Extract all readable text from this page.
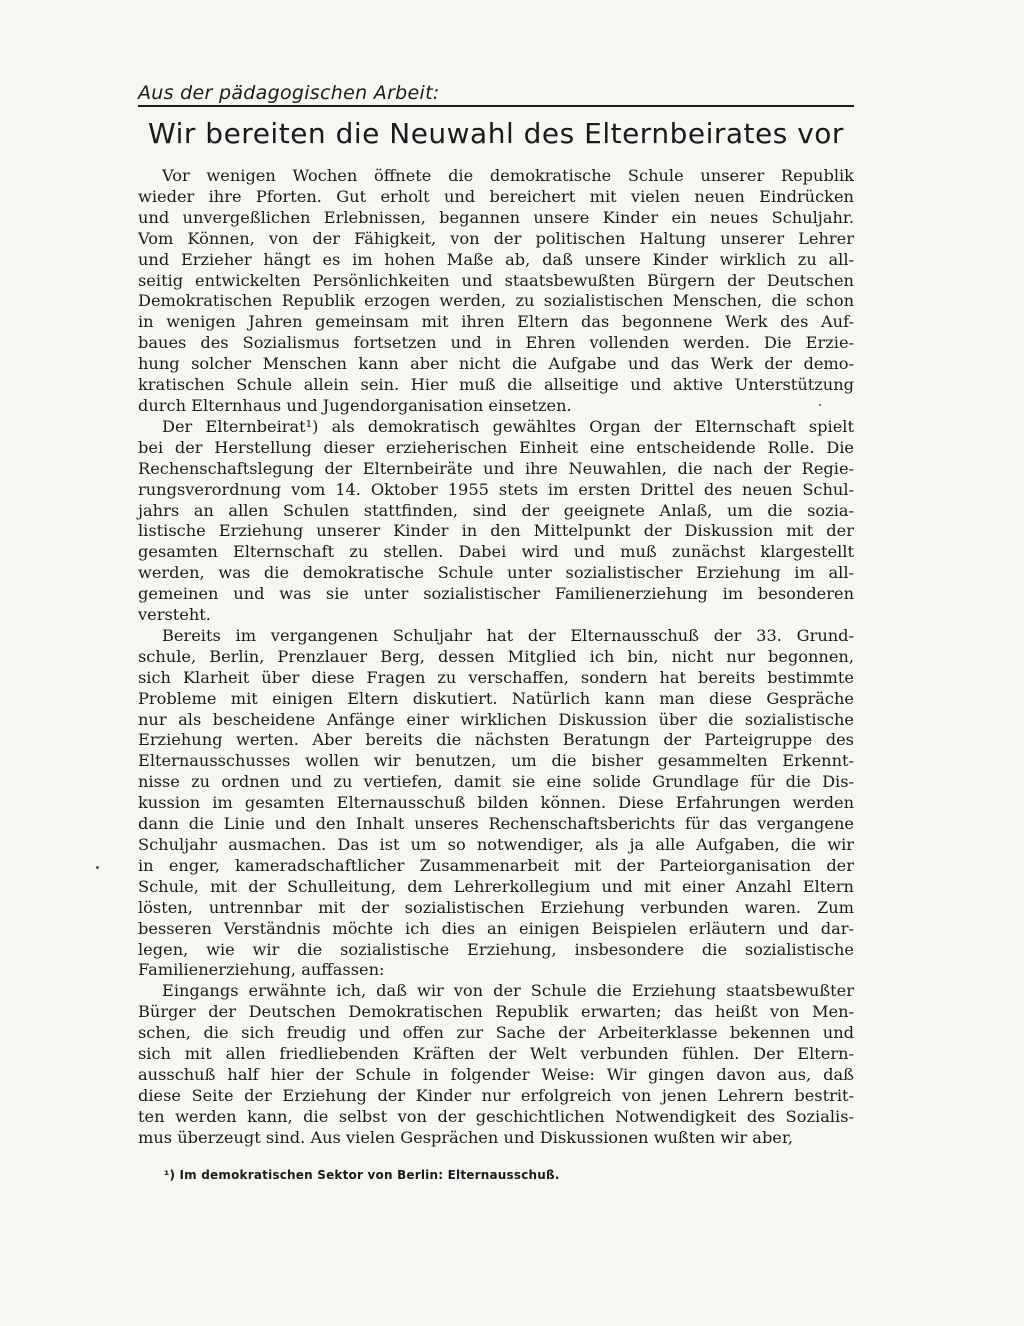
Aus der pädagogischen Arbeit:
Wir bereiten die Neuwahl des Elternbeirates vor
Vor wenigen Wochen öffnete die demokratische Schule unserer Republik
wieder ihre Pforten. Gut erholt und bereichert mit vielen neuen Eindrücken
und unvergeßlichen Erlebnissen, begannen unsere Kinder ein neues Schuljahr.
Vom Können, von der Fähigkeit, von der politischen Haltung unserer Lehrer
und Erzieher hängt es im hohen Maße ab, daß unsere Kinder wirklich zu all-
seitig entwickelten Persönlichkeiten und staatsbewußten Bürgern der Deutschen
Demokratischen Republik erzogen werden, zu sozialistischen Menschen, die schon
in wenigen Jahren gemeinsam mit ihren Eltern das begonnene Werk des Auf-
baues des Sozialismus fortsetzen und in Ehren vollenden werden. Die Erzie-
hung solcher Menschen kann aber nicht die Aufgabe und das Werk der demo-
kratischen Schule allein sein. Hier muß die allseitige und aktive Unterstützung
durch Elternhaus und Jugendorganisation einsetzen.
Der Elternbeirat¹) als demokratisch gewähltes Organ der Elternschaft spielt
bei der Herstellung dieser erzieherischen Einheit eine entscheidende Rolle. Die
Rechenschaftslegung der Elternbeiräte und ihre Neuwahlen, die nach der Regie-
rungsverordnung vom 14. Oktober 1955 stets im ersten Drittel des neuen Schul-
jahrs an allen Schulen stattfinden, sind der geeignete Anlaß, um die sozia-
listische Erziehung unserer Kinder in den Mittelpunkt der Diskussion mit der
gesamten Elternschaft zu stellen. Dabei wird und muß zunächst klargestellt
werden, was die demokratische Schule unter sozialistischer Erziehung im all-
gemeinen und was sie unter sozialistischer Familienerziehung im besonderen
versteht.
Bereits im vergangenen Schuljahr hat der Elternausschuß der 33. Grund-
schule, Berlin, Prenzlauer Berg, dessen Mitglied ich bin, nicht nur begonnen,
sich Klarheit über diese Fragen zu verschaffen, sondern hat bereits bestimmte
Probleme mit einigen Eltern diskutiert. Natürlich kann man diese Gespräche
nur als bescheidene Anfänge einer wirklichen Diskussion über die sozialistische
Erziehung werten. Aber bereits die nächsten Beratungn der Parteigruppe des
Elternausschusses wollen wir benutzen, um die bisher gesammelten Erkennt-
nisse zu ordnen und zu vertiefen, damit sie eine solide Grundlage für die Dis-
kussion im gesamten Elternausschuß bilden können. Diese Erfahrungen werden
dann die Linie und den Inhalt unseres Rechenschaftsberichts für das vergangene
Schuljahr ausmachen. Das ist um so notwendiger, als ja alle Aufgaben, die wir
in enger, kameradschaftlicher Zusammenarbeit mit der Parteiorganisation der
Schule, mit der Schulleitung, dem Lehrerkollegium und mit einer Anzahl Eltern
lösten, untrennbar mit der sozialistischen Erziehung verbunden waren. Zum
besseren Verständnis möchte ich dies an einigen Beispielen erläutern und dar-
legen, wie wir die sozialistische Erziehung, insbesondere die sozialistische
Familienerziehung, auffassen:
Eingangs erwähnte ich, daß wir von der Schule die Erziehung staatsbewußter
Bürger der Deutschen Demokratischen Republik erwarten; das heißt von Men-
schen, die sich freudig und offen zur Sache der Arbeiterklasse bekennen und
sich mit allen friedliebenden Kräften der Welt verbunden fühlen. Der Eltern-
ausschuß half hier der Schule in folgender Weise: Wir gingen davon aus, daß
diese Seite der Erziehung der Kinder nur erfolgreich von jenen Lehrern bestrit-
ten werden kann, die selbst von der geschichtlichen Notwendigkeit des Sozialis-
mus überzeugt sind. Aus vielen Gesprächen und Diskussionen wußten wir aber,
¹) Im demokratischen Sektor von Berlin: Elternausschuß.
